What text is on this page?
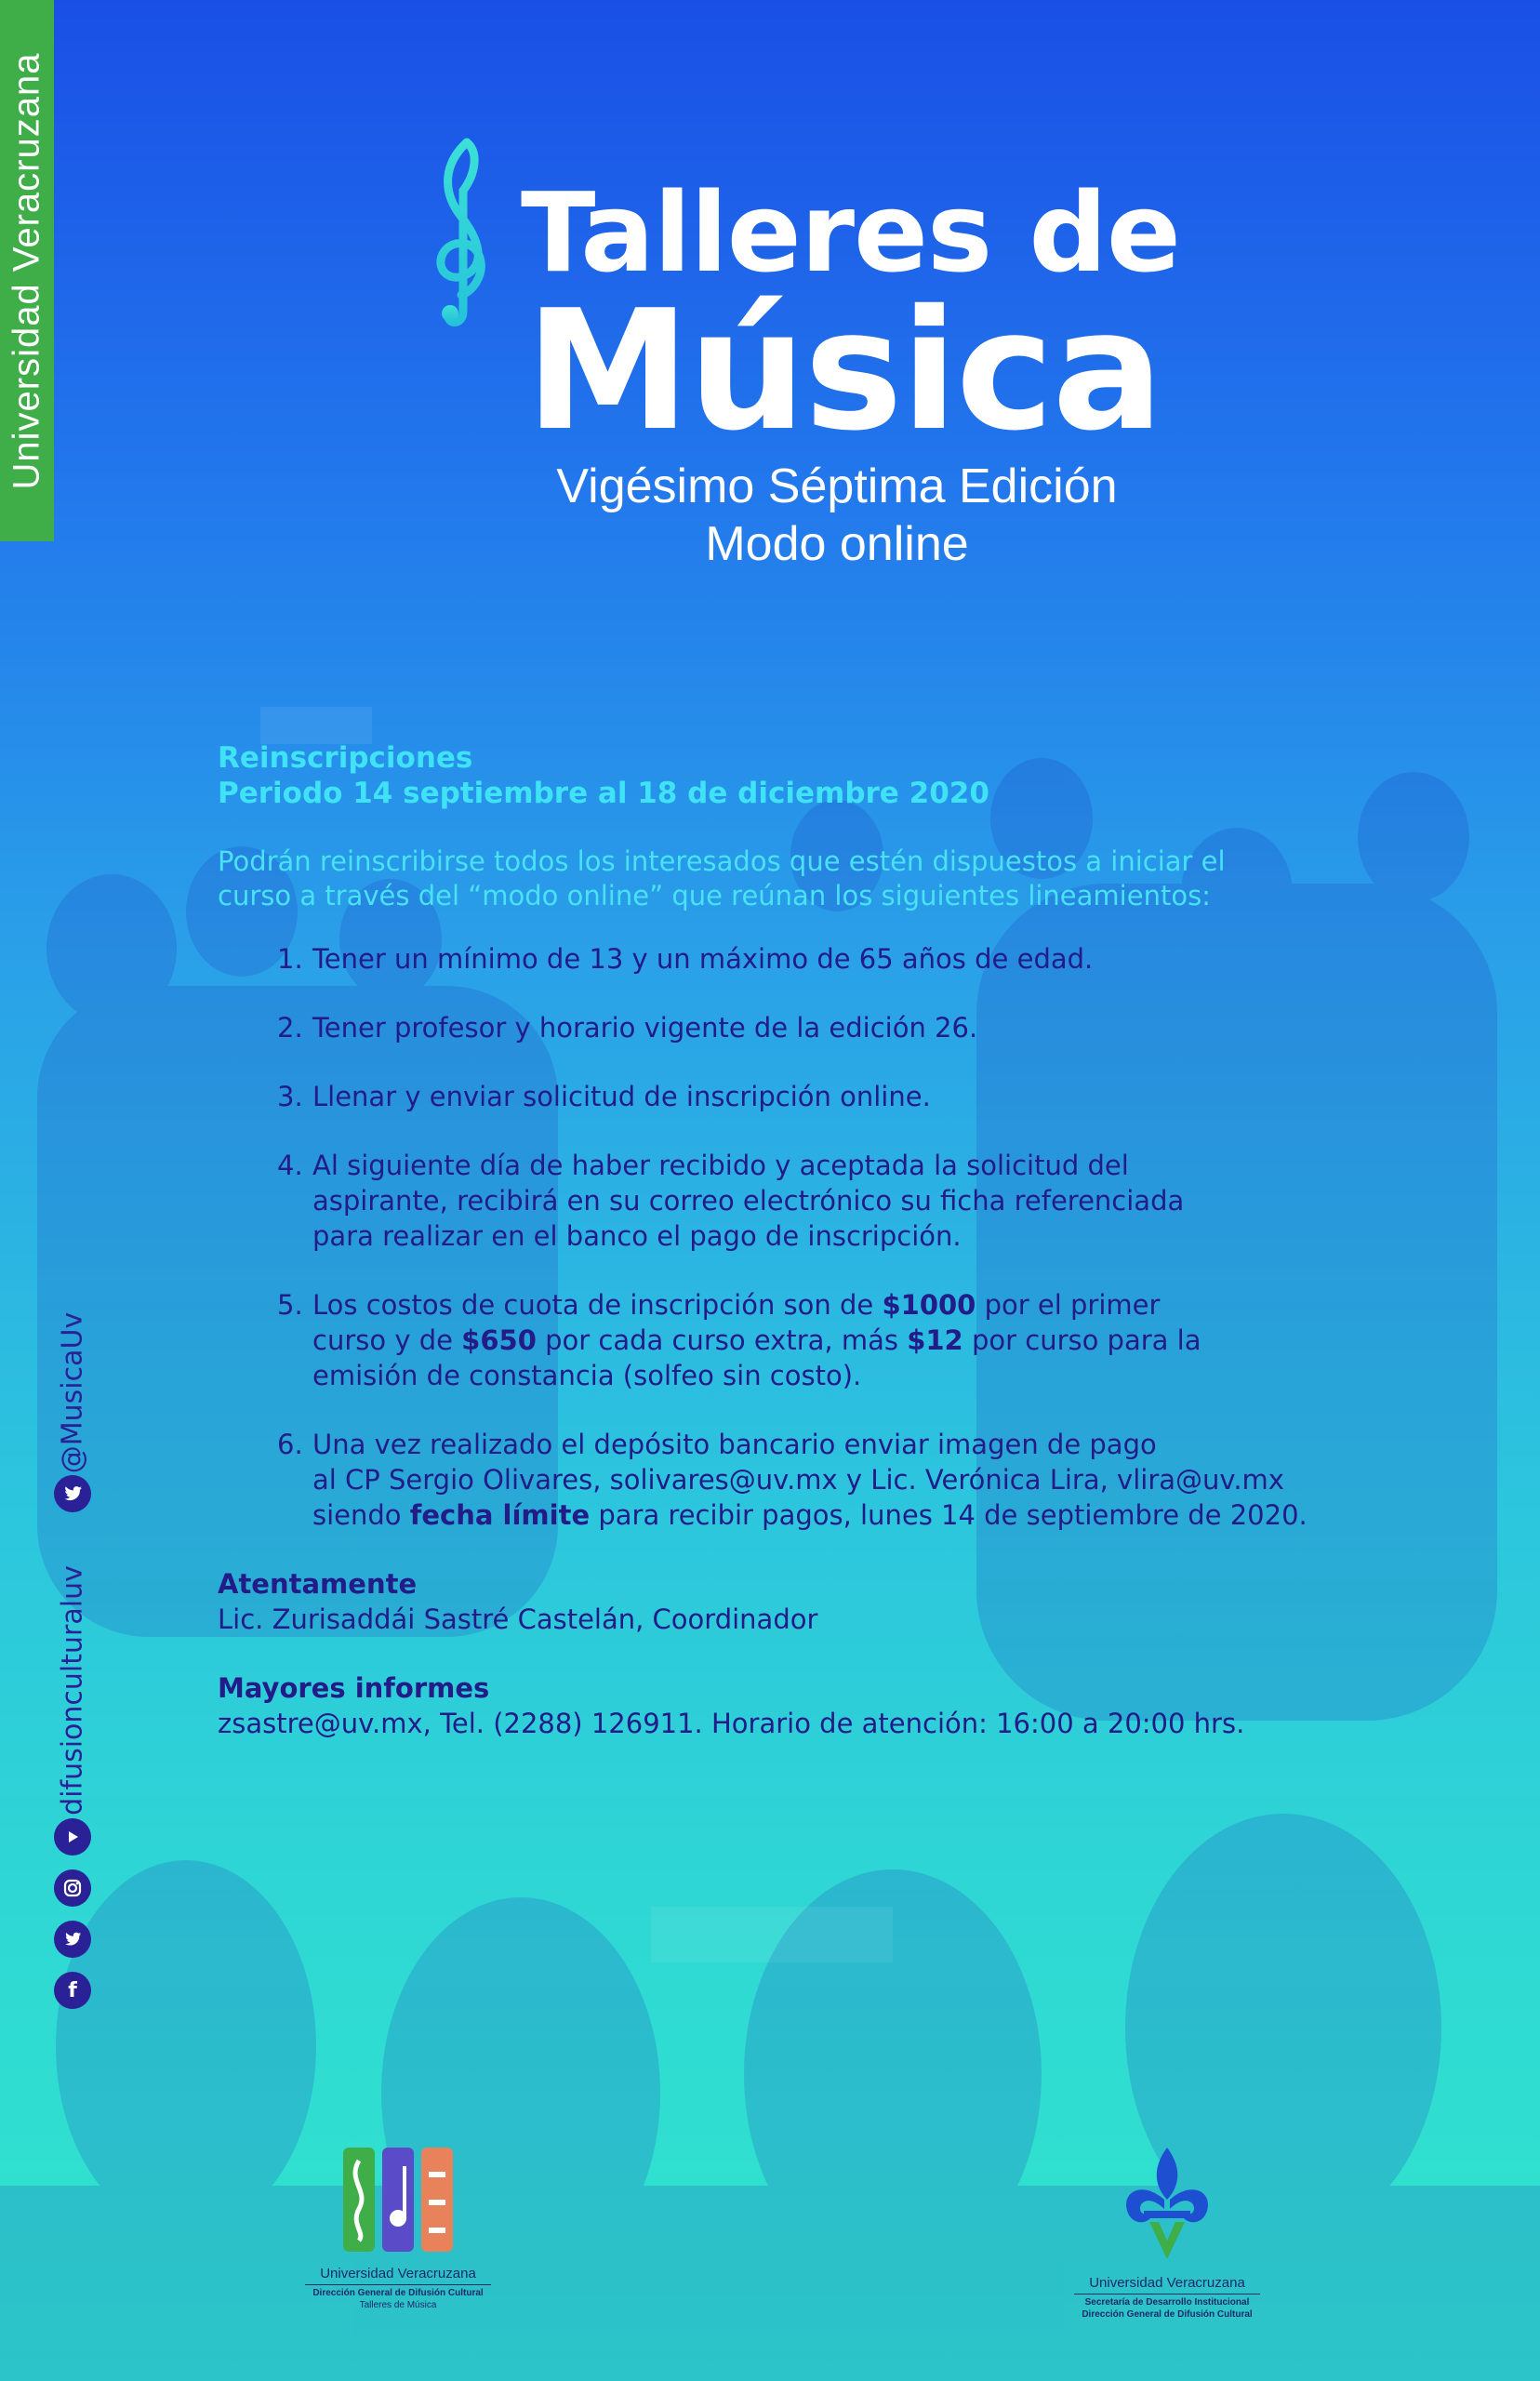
Universidad Veracruzana	Talleres de
Música
Vigésimo Séptima Edición
Modo online
Reinscripciones
Periodo 14 septiembre al 18 de diciembre 2020
Podrán reinscribirse todos los interesados que estén dispuestos a iniciar el
curso a través del “modo online” que reúnan los siguientes lineamientos:
1. Tener un mínimo de 13 y un máximo de 65 años de edad.
2. Tener profesor y horario vigente de la edición 26.
3. Llenar y enviar solicitud de inscripción online.
4. Al siguiente día de haber recibido y aceptada la solicitud del
aspirante, recibirá en su correo electrónico su ficha referenciada
para realizar en el banco el pago de inscripción.
5. Los costos de cuota de inscripción son de $1000 por el primer
curso y de $650 por cada curso extra, más $12 por curso para la
emisión de constancia (solfeo sin costo).
6. Una vez realizado el depósito bancario enviar imagen de pago
al CP Sergio Olivares, solivares@uv.mx y Lic. Verónica Lira, vlira@uv.mx
siendo fecha límite para recibir pagos, lunes 14 de septiembre de 2020.
Atentamente
Lic. Zurisaddái Sastré Castelán, Coordinador
Mayores informes
zsastre@uv.mx, Tel. (2288) 126911. Horario de atención: 16:00 a 20:00 hrs.
@MusicaUv
difusionculturaluv
f
Universidad Veracruzana
Dirección General de Difusión Cultural
Talleres de Música
Universidad Veracruzana
Secretaría de Desarrollo Institucional
Dirección General de Difusión Cultural
